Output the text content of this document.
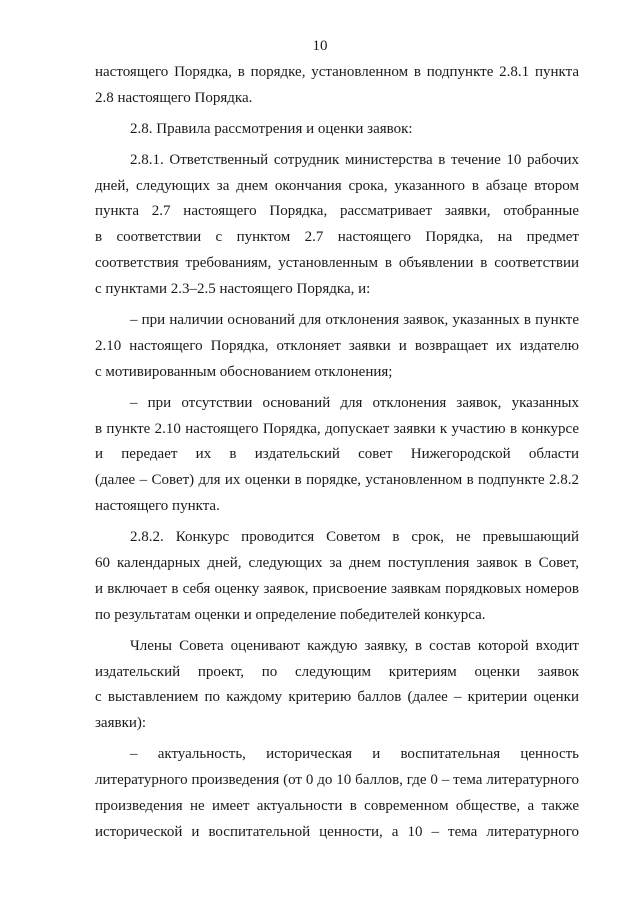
10
настоящего Порядка, в порядке, установленном в подпункте 2.8.1 пункта
2.8 настоящего Порядка.
2.8. Правила рассмотрения и оценки заявок:
2.8.1. Ответственный сотрудник министерства в течение 10 рабочих
дней, следующих за днем окончания срока, указанного в абзаце втором
пункта 2.7 настоящего Порядка, рассматривает заявки, отобранные
в соответствии с пунктом 2.7 настоящего Порядка, на предмет
соответствия требованиям, установленным в объявлении в соответствии
с пунктами 2.3–2.5 настоящего Порядка, и:
– при наличии оснований для отклонения заявок, указанных в пункте
2.10 настоящего Порядка, отклоняет заявки и возвращает их издателю
с мотивированным обоснованием отклонения;
– при отсутствии оснований для отклонения заявок, указанных
в пункте 2.10 настоящего Порядка, допускает заявки к участию в конкурсе
и передает их в издательский совет Нижегородской области
(далее – Совет) для их оценки в порядке, установленном в подпункте 2.8.2
настоящего пункта.
2.8.2. Конкурс проводится Советом в срок, не превышающий
60 календарных дней, следующих за днем поступления заявок в Совет,
и включает в себя оценку заявок, присвоение заявкам порядковых номеров
по результатам оценки и определение победителей конкурса.
Члены Совета оценивают каждую заявку, в состав которой входит
издательский проект, по следующим критериям оценки заявок
с выставлением по каждому критерию баллов (далее – критерии оценки
заявки):
– актуальность, историческая и воспитательная ценность
литературного произведения (от 0 до 10 баллов, где 0 – тема литературного
произведения не имеет актуальности в современном обществе, а также
исторической и воспитательной ценности, а 10 – тема литературного
